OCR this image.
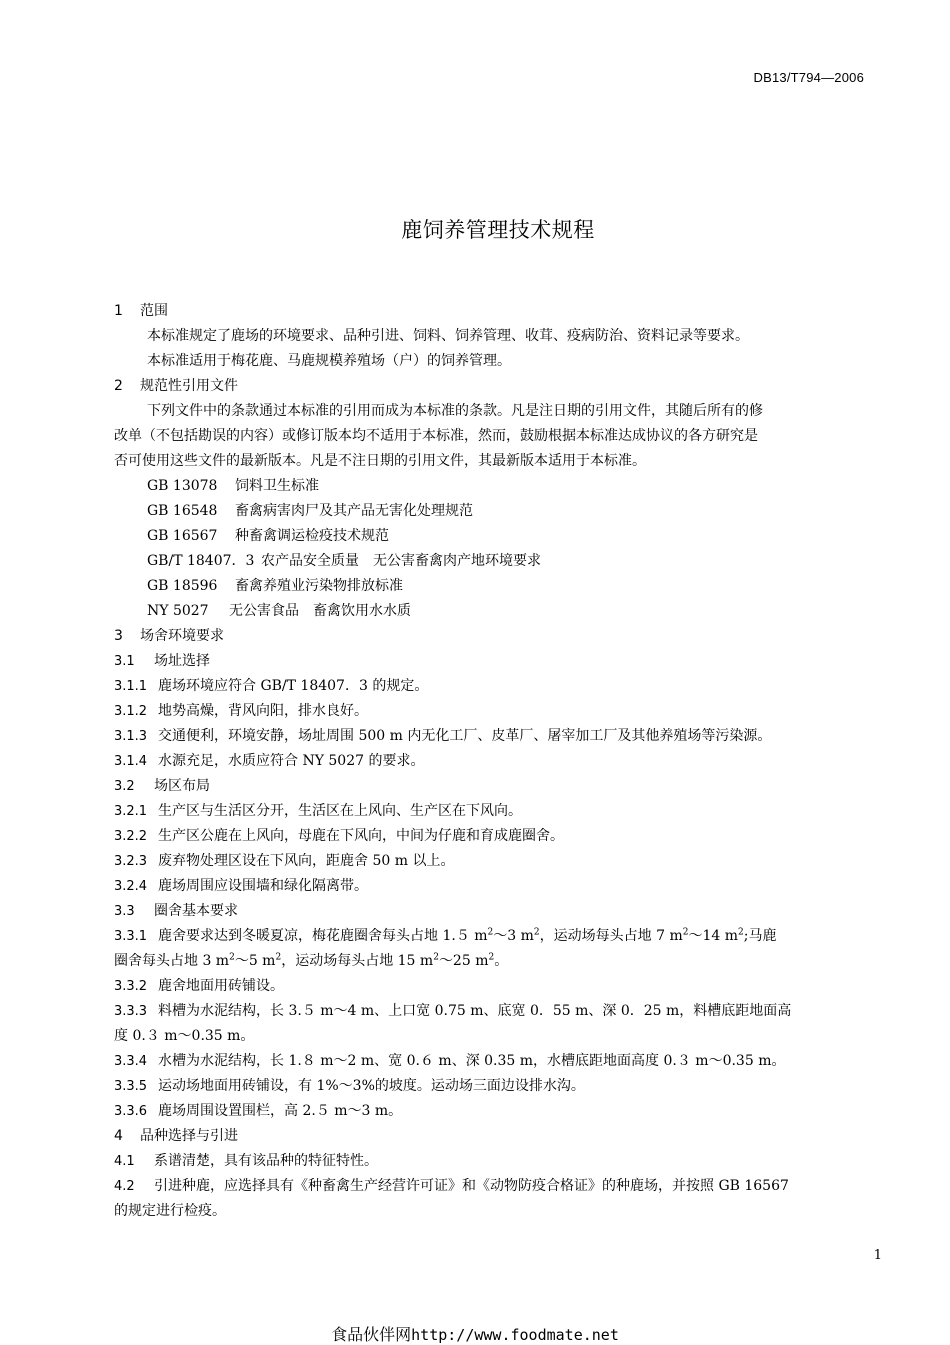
DB13/T794—2006
鹿饲养管理技术规程
1 范围
本标准规定了鹿场的环境要求、品种引进、饲料、饲养管理、收茸、疫病防治、资料记录等要求。
本标准适用于梅花鹿、马鹿规模养殖场（户）的饲养管理。
2 规范性引用文件
下列文件中的条款通过本标准的引用而成为本标准的条款。凡是注日期的引用文件，其随后所有的修
改单（不包括勘误的内容）或修订版本均不适用于本标准，然而，鼓励根据本标准达成协议的各方研究是
否可使用这些文件的最新版本。凡是不注日期的引用文件，其最新版本适用于本标准。
GB 13078 饲料卫生标准
GB 16548 畜禽病害肉尸及其产品无害化处理规范
GB 16567 种畜禽调运检疫技术规范
GB/T 18407．3 农产品安全质量　无公害畜禽肉产地环境要求
GB 18596 畜禽养殖业污染物排放标准
NY 5027 无公害食品　畜禽饮用水水质
3 场舍环境要求
3.1 场址选择
3.1.1 鹿场环境应符合 GB/T 18407．3 的规定。
3.1.2 地势高燥，背风向阳，排水良好。
3.1.3 交通便利，环境安静，场址周围 500 m 内无化工厂、皮革厂、屠宰加工厂及其他养殖场等污染源。
3.1.4 水源充足，水质应符合 NY 5027 的要求。
3.2 场区布局
3.2.1 生产区与生活区分开，生活区在上风向、生产区在下风向。
3.2.2 生产区公鹿在上风向，母鹿在下风向，中间为仔鹿和育成鹿圈舍。
3.2.3 废弃物处理区设在下风向，距鹿舍 50 m 以上。
3.2.4 鹿场周围应设围墙和绿化隔离带。
3.3 圈舍基本要求
3.3.1 鹿舍要求达到冬暖夏凉，梅花鹿圈舍每头占地 1.５ $m^2\sim 3$ $m^2$，运动场每头占地 7 $m^2\sim 14$ $m^2$;马鹿
圈舍每头占地 3 $m^2\sim 5$ $m^2$，运动场每头占地 15 $m^2\sim 25$ $m^2$。
3.3.2 鹿舍地面用砖铺设。
3.3.3 料槽为水泥结构，长 3.５ m～4 m、上口宽 0.75 m、底宽 0．55 m、深 0．25 m，料槽底距地面高
度 0.３ m～0.35 m。
3.3.4 水槽为水泥结构，长 1.８ m～2 m、宽 0.６ m、深 0.35 m，水槽底距地面高度 0.３ m～0.35 m。
3.3.5 运动场地面用砖铺设，有 1%～3%的坡度。运动场三面边设排水沟。
3.3.6 鹿场周围设置围栏，高 2.５ m～3 m。
4 品种选择与引进
4.1 系谱清楚，具有该品种的特征特性。
4.2 引进种鹿，应选择具有《种畜禽生产经营许可证》和《动物防疫合格证》的种鹿场，并按照 GB 16567
的规定进行检疫。
1
食品伙伴网http://www.foodmate.net
